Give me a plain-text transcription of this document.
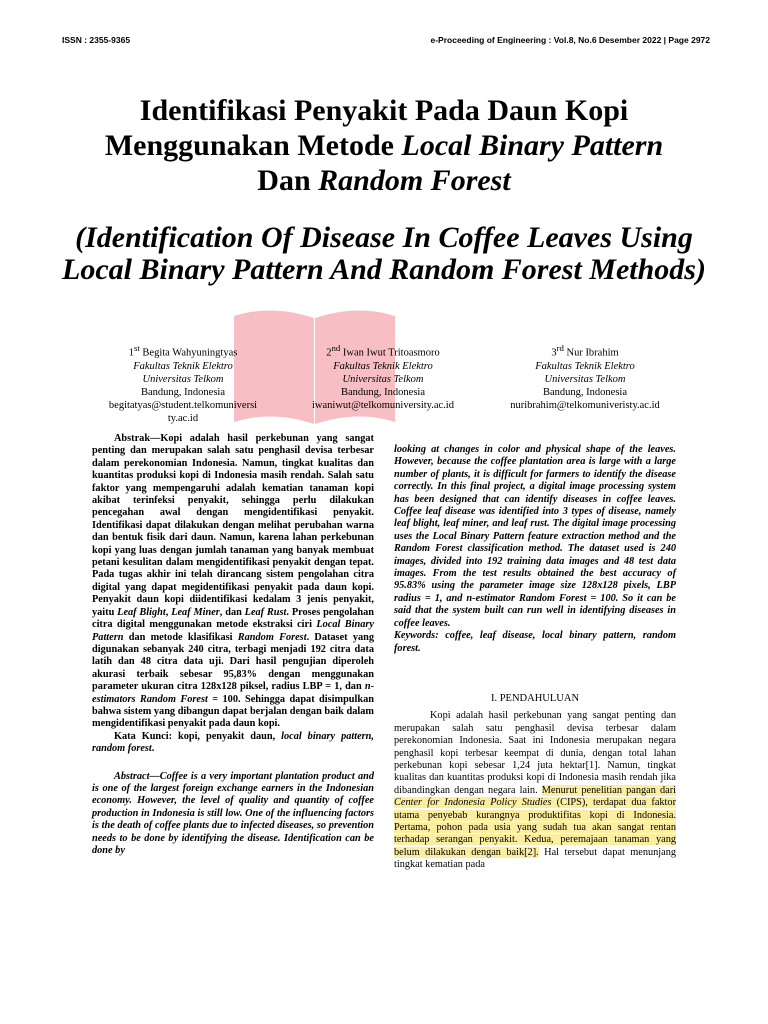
ISSN : 2355-9365	e-Proceeding of Engineering : Vol.8, No.6 Desember 2022 | Page 2972
Identifikasi Penyakit Pada Daun Kopi
Menggunakan Metode Local Binary Pattern
Dan Random Forest
(Identification Of Disease In Coffee Leaves Using Local Binary Pattern And Random Forest Methods)
1st Begita Wahyuningtyas
Fakultas Teknik Elektro
Universitas Telkom
Bandung, Indonesia
begitatyas@student.telkomuniversity.ac.id
2nd Iwan Iwut Tritoasmoro
Fakultas Teknik Elektro
Universitas Telkom
Bandung, Indonesia
iwaniwut@telkomuniversity.ac.id
3rd Nur Ibrahim
Fakultas Teknik Elektro
Universitas Telkom
Bandung, Indonesia
nuribrahim@telkomuniveristy.ac.id

Abstrak—Kopi adalah hasil perkebunan yang sangat penting dan merupakan salah satu penghasil devisa terbesar dalam perekonomian Indonesia. Namun, tingkat kualitas dan kuantitas produksi kopi di Indonesia masih rendah. Salah satu faktor yang mempengaruhi adalah kematian tanaman kopi akibat terinfeksi penyakit, sehingga perlu dilakukan pencegahan awal dengan mengidentifikasi penyakit. Identifikasi dapat dilakukan dengan melihat perubahan warna dan bentuk fisik dari daun. Namun, karena lahan perkebunan kopi yang luas dengan jumlah tanaman yang banyak membuat petani kesulitan dalam mengidentifikasi penyakit dengan tepat. Pada tugas akhir ini telah dirancang sistem pengolahan citra digital yang dapat megidentifikasi penyakit pada daun kopi. Penyakit daun kopi diidentifikasi kedalam 3 jenis penyakit, yaitu Leaf Blight, Leaf Miner, dan Leaf Rust. Proses pengolahan citra digital menggunakan metode ekstraksi ciri Local Binary Pattern dan metode klasifikasi Random Forest. Dataset yang digunakan sebanyak 240 citra, terbagi menjadi 192 citra data latih dan 48 citra data uji. Dari hasil pengujian diperoleh akurasi terbaik sebesar 95,83% dengan menggunakan parameter ukuran citra 128x128 piksel, radius LBP = 1, dan n-estimators Random Forest = 100. Sehingga dapat disimpulkan bahwa sistem yang dibangun dapat berjalan dengan baik dalam mengidentifikasi penyakit pada daun kopi.

Kata Kunci: kopi, penyakit daun, local binary pattern, random forest.

Abstract—Coffee is a very important plantation product and is one of the largest foreign exchange earners in the Indonesian economy. However, the level of quality and quantity of coffee production in Indonesia is still low. One of the influencing factors is the death of coffee plants due to infected diseases, so prevention needs to be done by identifying the disease. Identification can be done by

looking at changes in color and physical shape of the leaves. However, because the coffee plantation area is large with a large number of plants, it is difficult for farmers to identify the disease correctly. In this final project, a digital image processing system has been designed that can identify diseases in coffee leaves. Coffee leaf disease was identified into 3 types of disease, namely leaf blight, leaf miner, and leaf rust. The digital image processing uses the Local Binary Pattern feature extraction method and the Random Forest classification method. The dataset used is 240 images, divided into 192 training data images and 48 test data images. From the test results obtained the best accuracy of 95.83% using the parameter image size 128x128 pixels, LBP radius = 1, and n-estimator Random Forest = 100. So it can be said that the system built can run well in identifying diseases in coffee leaves.

Keywords: coffee, leaf disease, local binary pattern, random forest.

I. PENDAHULUAN

Kopi adalah hasil perkebunan yang sangat penting dan merupakan salah satu penghasil devisa terbesar dalam perekonomian Indonesia. Saat ini Indonesia merupakan negara penghasil kopi terbesar keempat di dunia, dengan total lahan perkebunan kopi sebesar 1,24 juta hektar[1]. Namun, tingkat kualitas dan kuantitas produksi kopi di Indonesia masih rendah jika dibandingkan dengan negara lain. Menurut penelitian pangan dari Center for Indonesia Policy Studies (CIPS), terdapat dua faktor utama penyebab kurangnya produktifitas kopi di Indonesia. Pertama, pohon pada usia yang sudah tua akan sangat rentan terhadap serangan penyakit. Kedua, peremajaan tanaman yang belum dilakukan dengan baik[2]. Hal tersebut dapat menunjang tingkat kematian pada
